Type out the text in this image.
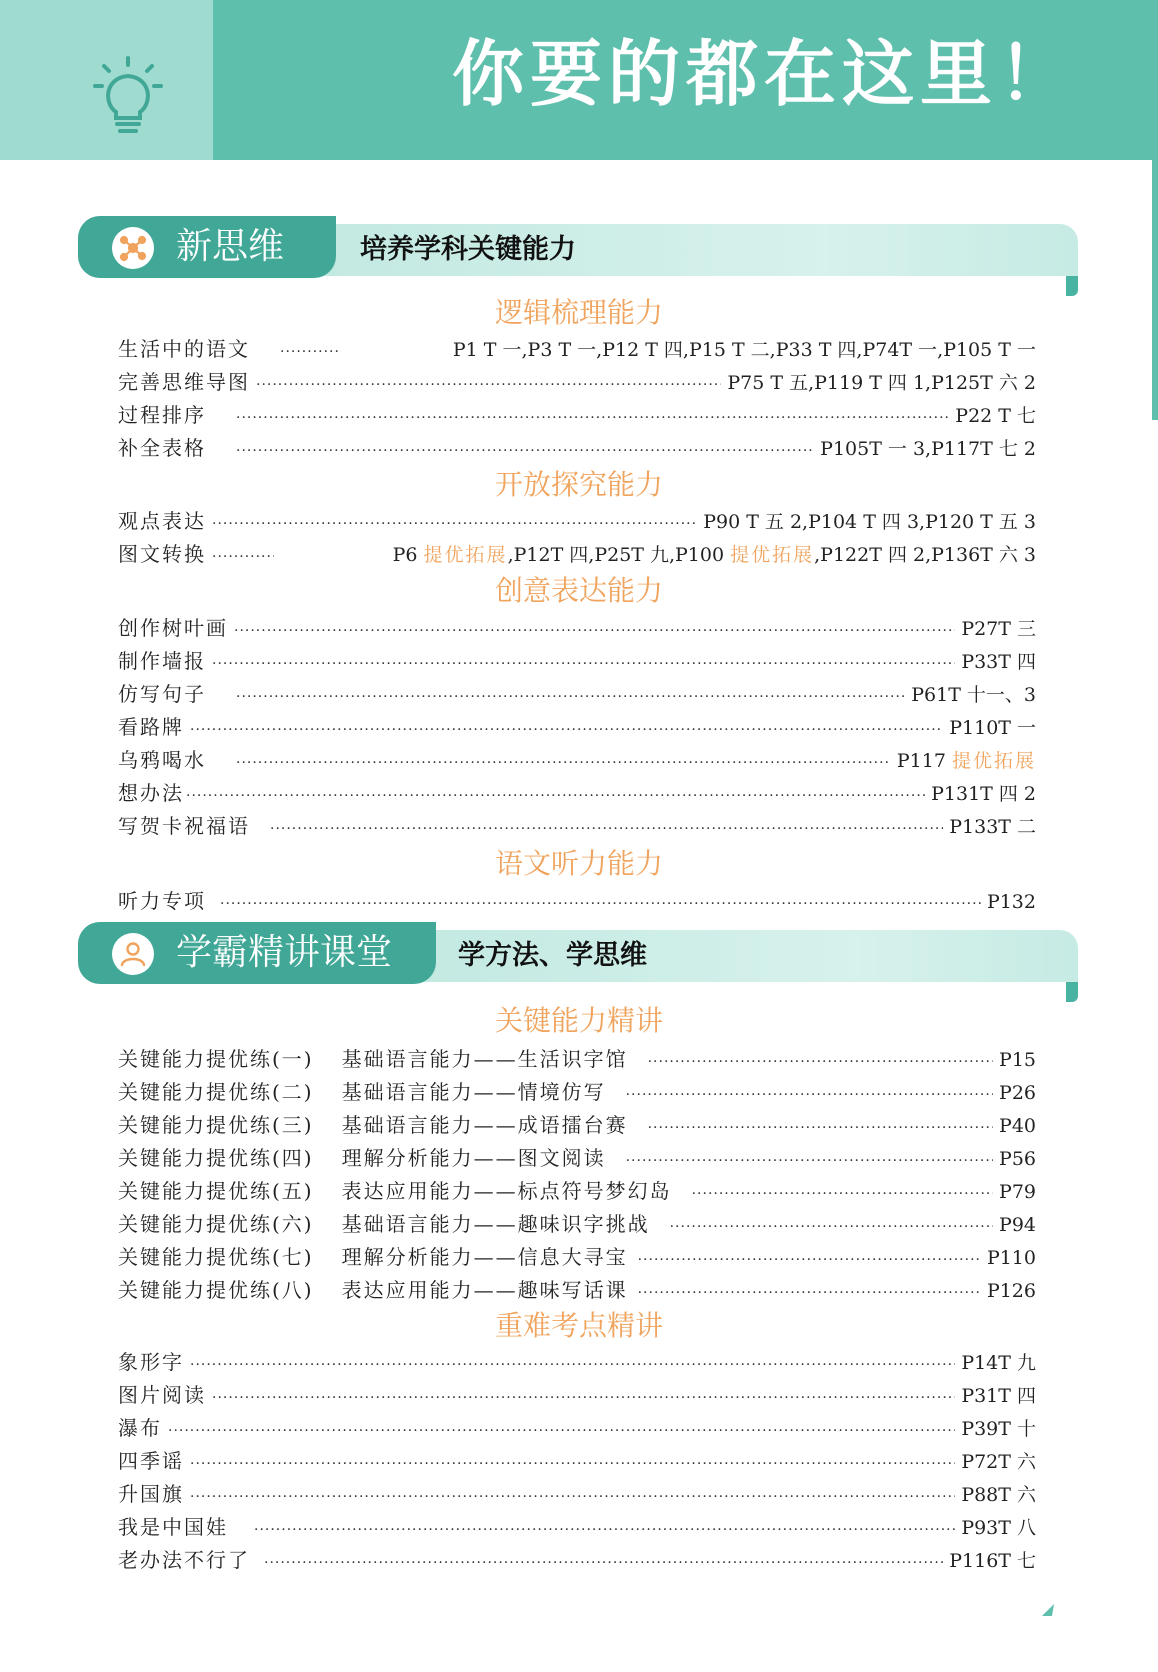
你要的都在这里！
新思维	培养学科关键能力
逻辑梳理能力
生活中的语文 ·····	P1 T 一,P3 T 一,P12 T 四,P15 T 二,P33 T 四,P74T 一,P105 T 一
完善思维导图 ·····	P75 T 五,P119 T 四 1,P125T 六 2
过程排序 ·····	P22 T 七
补全表格 ·····	P105T 一 3,P117T 七 2
开放探究能力
观点表达 ·····	P90 T 五 2,P104 T 四 3,P120 T 五 3
图文转换 ·····	P6 提优拓展,P12T 四,P25T 九,P100 提优拓展,P122T 四 2,P136T 六 3
创意表达能力
创作树叶画 ·····	P27T 三
制作墙报 ·····	P33T 四
仿写句子 ·····	P61T 十一、3
看路牌 ·····	P110T 一
乌鸦喝水 ·····	P117 提优拓展
想办法 ·····	P131T 四 2
写贺卡祝福语 ·····	P133T 二
语文听力能力
听力专项 ·····	P132
学霸精讲课堂 学方法、学思维
关键能力精讲
关键能力提优练(一) 基础语言能力——生活识字馆 ·····	P15
关键能力提优练(二) 基础语言能力——情境仿写 ·····	P26
关键能力提优练(三) 基础语言能力——成语擂台赛 ·····	P40
关键能力提优练(四) 理解分析能力——图文阅读 ·····	P56
关键能力提优练(五) 表达应用能力——标点符号梦幻岛 ·····	P79
关键能力提优练(六) 基础语言能力——趣味识字挑战 ·····	P94
关键能力提优练(七) 理解分析能力——信息大寻宝 ·····	P110
关键能力提优练(八) 表达应用能力——趣味写话课 ·····	P126
重难考点精讲
象形字 ·····	P14T 九
图片阅读 ·····	P31T 四
瀑布 ·····	P39T 十
四季谣 ·····	P72T 六
升国旗 ·····	P88T 六
我是中国娃 ·····	P93T 八
老办法不行了 ·····	P116T 七
